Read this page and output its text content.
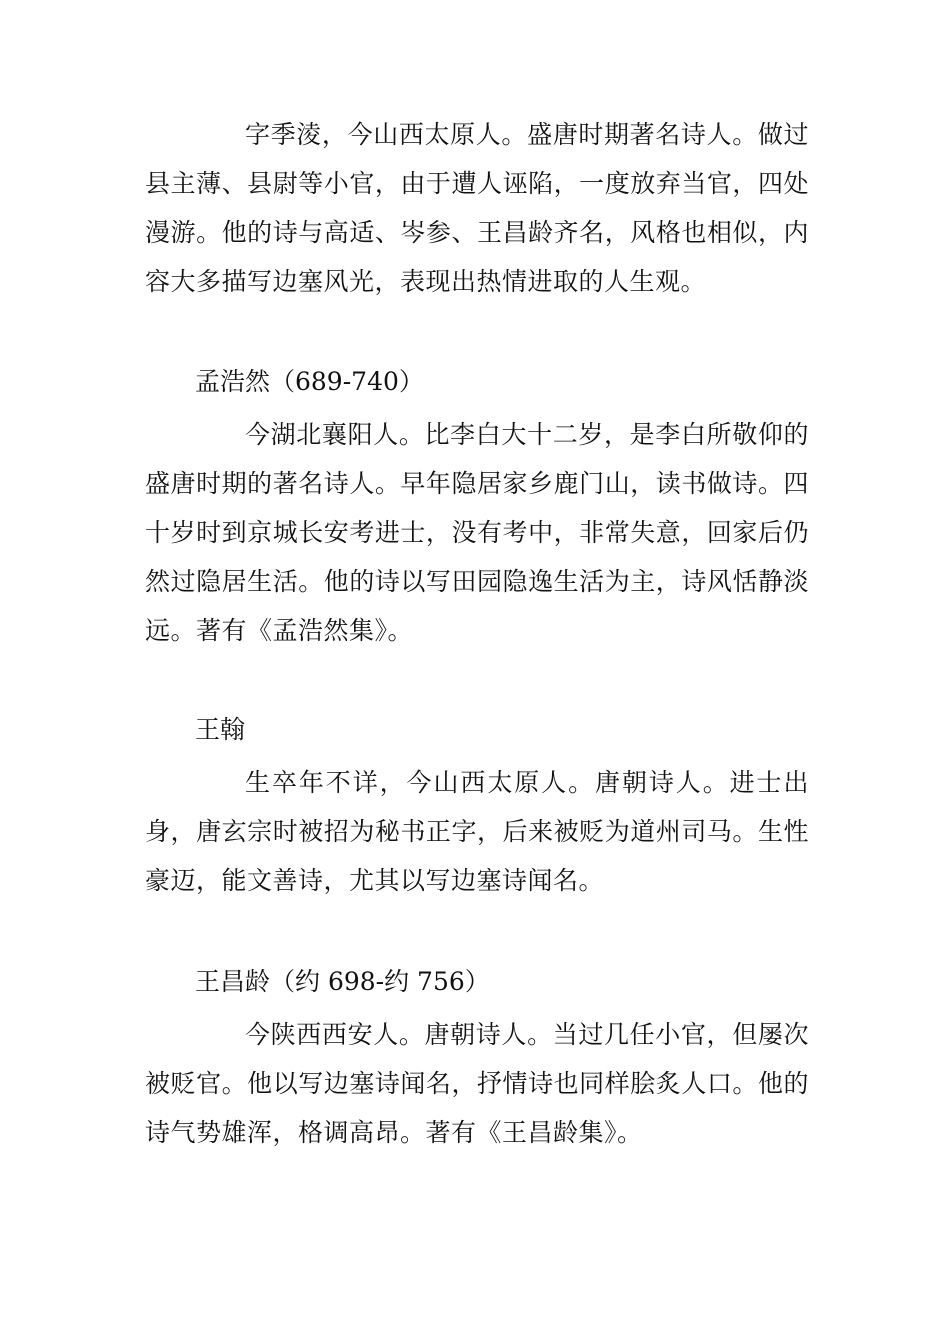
字季淩，今山西太原人。盛唐时期著名诗人。做过县主薄、县尉等小官，由于遭人诬陷，一度放弃当官，四处漫游。他的诗与高适、岑参、王昌龄齐名，风格也相似，内容大多描写边塞风光，表现出热情进取的人生观。

孟浩然（689-740）

今湖北襄阳人。比李白大十二岁，是李白所敬仰的盛唐时期的著名诗人。早年隐居家乡鹿门山，读书做诗。四十岁时到京城长安考进士，没有考中，非常失意，回家后仍然过隐居生活。他的诗以写田园隐逸生活为主，诗风恬静淡远。著有《孟浩然集》。

王翰

生卒年不详，今山西太原人。唐朝诗人。进士出身，唐玄宗时被招为秘书正字，后来被贬为道州司马。生性豪迈，能文善诗，尤其以写边塞诗闻名。

王昌龄（约 698-约 756）

今陕西西安人。唐朝诗人。当过几任小官，但屡次被贬官。他以写边塞诗闻名，抒情诗也同样脍炙人口。他的诗气势雄浑，格调高昂。著有《王昌龄集》。
